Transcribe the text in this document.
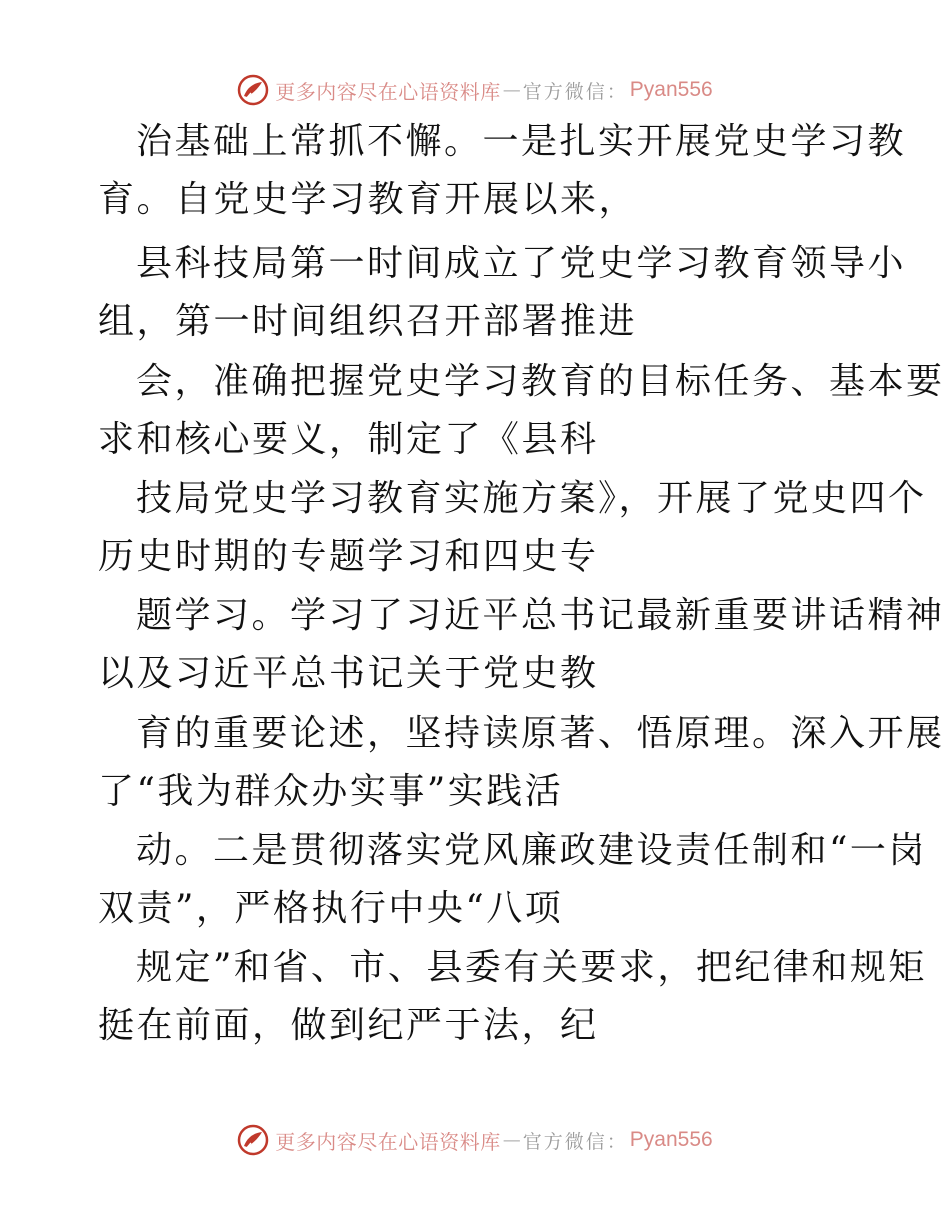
更多内容尽在心语资料库 — 官方微信： Pyan556
治基础上常抓不懈。一是扎实开展党史学习教
育。自党史学习教育开展以来，
县科技局第一时间成立了党史学习教育领导小
组，第一时间组织召开部署推进
会，准确把握党史学习教育的目标任务、基本要
求和核心要义，制定了《县科
技局党史学习教育实施方案》，开展了党史四个
历史时期的专题学习和四史专
题学习。学习了习近平总书记最新重要讲话精神
以及习近平总书记关于党史教
育的重要论述，坚持读原著、悟原理。深入开展
了“我为群众办实事”实践活
动。二是贯彻落实党风廉政建设责任制和“一岗
双责”，严格执行中央“八项
规定”和省、市、县委有关要求，把纪律和规矩
挺在前面，做到纪严于法，纪
更多内容尽在心语资料库 — 官方微信： Pyan556
